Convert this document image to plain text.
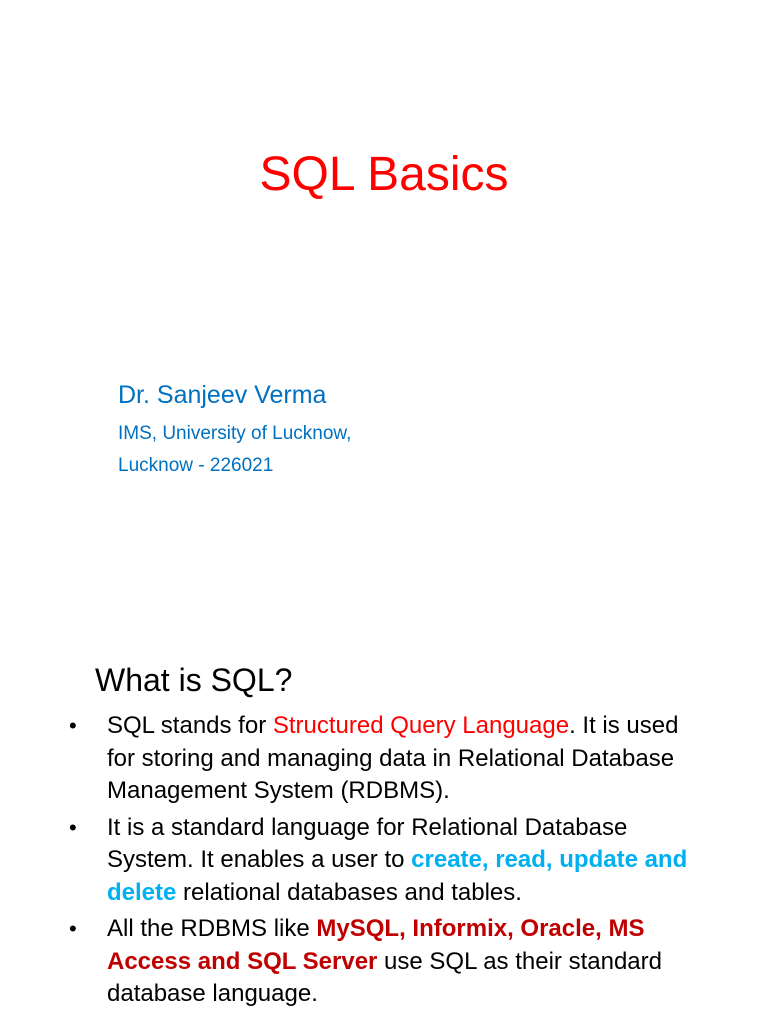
SQL Basics
Dr. Sanjeev Verma
IMS, University of Lucknow,
Lucknow - 226021
What is SQL?
• SQL stands for Structured Query Language. It is used for storing and managing data in Relational Database Management System (RDBMS).
• It is a standard language for Relational Database System. It enables a user to create, read, update and delete relational databases and tables.
• All the RDBMS like MySQL, Informix, Oracle, MS Access and SQL Server use SQL as their standard database language.
